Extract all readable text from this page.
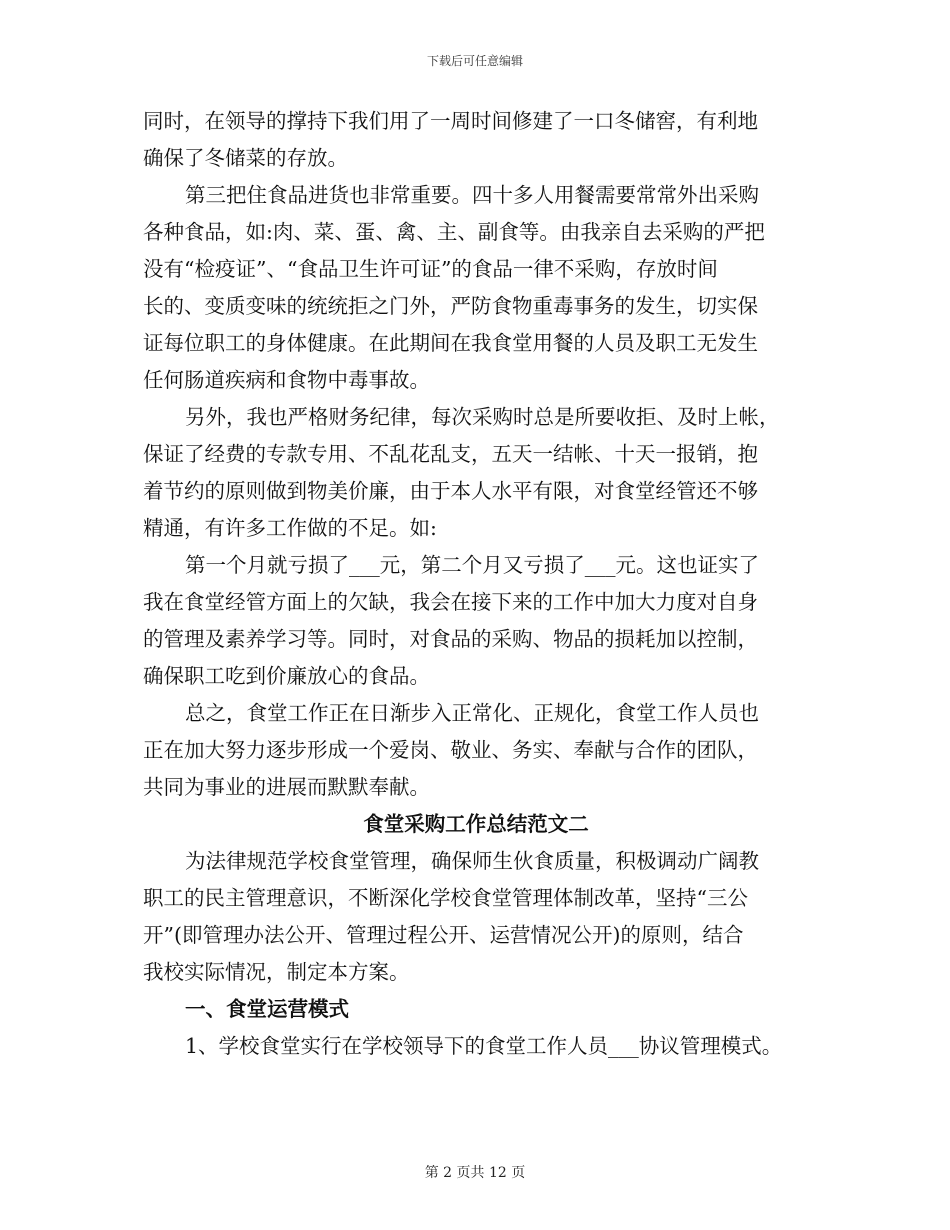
下载后可任意编辑
同时，在领导的撑持下我们用了一周时间修建了一口冬储窖，有利地
确保了冬储菜的存放。
第三把住食品进货也非常重要。四十多人用餐需要常常外出采购
各种食品，如:肉、菜、蛋、禽、主、副食等。由我亲自去采购的严把
没有“检疫证”、“食品卫生许可证”的食品一律不采购，存放时间
长的、变质变味的统统拒之门外，严防食物重毒事务的发生，切实保
证每位职工的身体健康。在此期间在我食堂用餐的人员及职工无发生
任何肠道疾病和食物中毒事故。
另外，我也严格财务纪律，每次采购时总是所要收拒、及时上帐，
保证了经费的专款专用、不乱花乱支，五天一结帐、十天一报销，抱
着节约的原则做到物美价廉，由于本人水平有限，对食堂经管还不够
精通，有许多工作做的不足。如:
第一个月就亏损了___元，第二个月又亏损了___元。这也证实了
我在食堂经管方面上的欠缺，我会在接下来的工作中加大力度对自身
的管理及素养学习等。同时，对食品的采购、物品的损耗加以控制，
确保职工吃到价廉放心的食品。
总之，食堂工作正在日渐步入正常化、正规化，食堂工作人员也
正在加大努力逐步形成一个爱岗、敬业、务实、奉献与合作的团队，
共同为事业的进展而默默奉献。
食堂采购工作总结范文二
为法律规范学校食堂管理，确保师生伙食质量，积极调动广阔教
职工的民主管理意识，不断深化学校食堂管理体制改革，坚持“三公
开”(即管理办法公开、管理过程公开、运营情况公开)的原则，结合
我校实际情况，制定本方案。
一、食堂运营模式
1、学校食堂实行在学校领导下的食堂工作人员___协议管理模式。
第 2 页共 12 页
